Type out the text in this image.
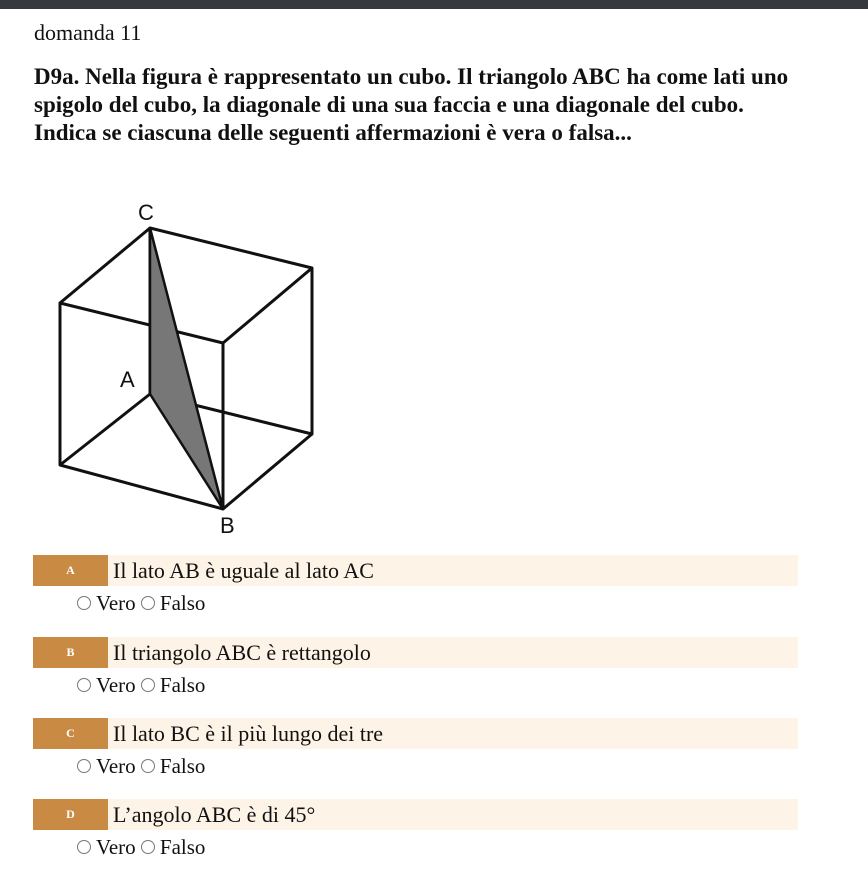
domanda 11
D9a. Nella figura è rappresentato un cubo. Il triangolo ABC ha come lati uno spigolo del cubo, la diagonale di una sua faccia e una diagonale del cubo.
Indica se ciascuna delle seguenti affermazioni è vera o falsa...
C
A
B
A	Il lato AB è uguale al lato AC
Vero Falso
B	Il triangolo ABC è rettangolo
Vero Falso
C	Il lato BC è il più lungo dei tre
Vero Falso
D	L’angolo ABC è di 45°
Vero Falso
